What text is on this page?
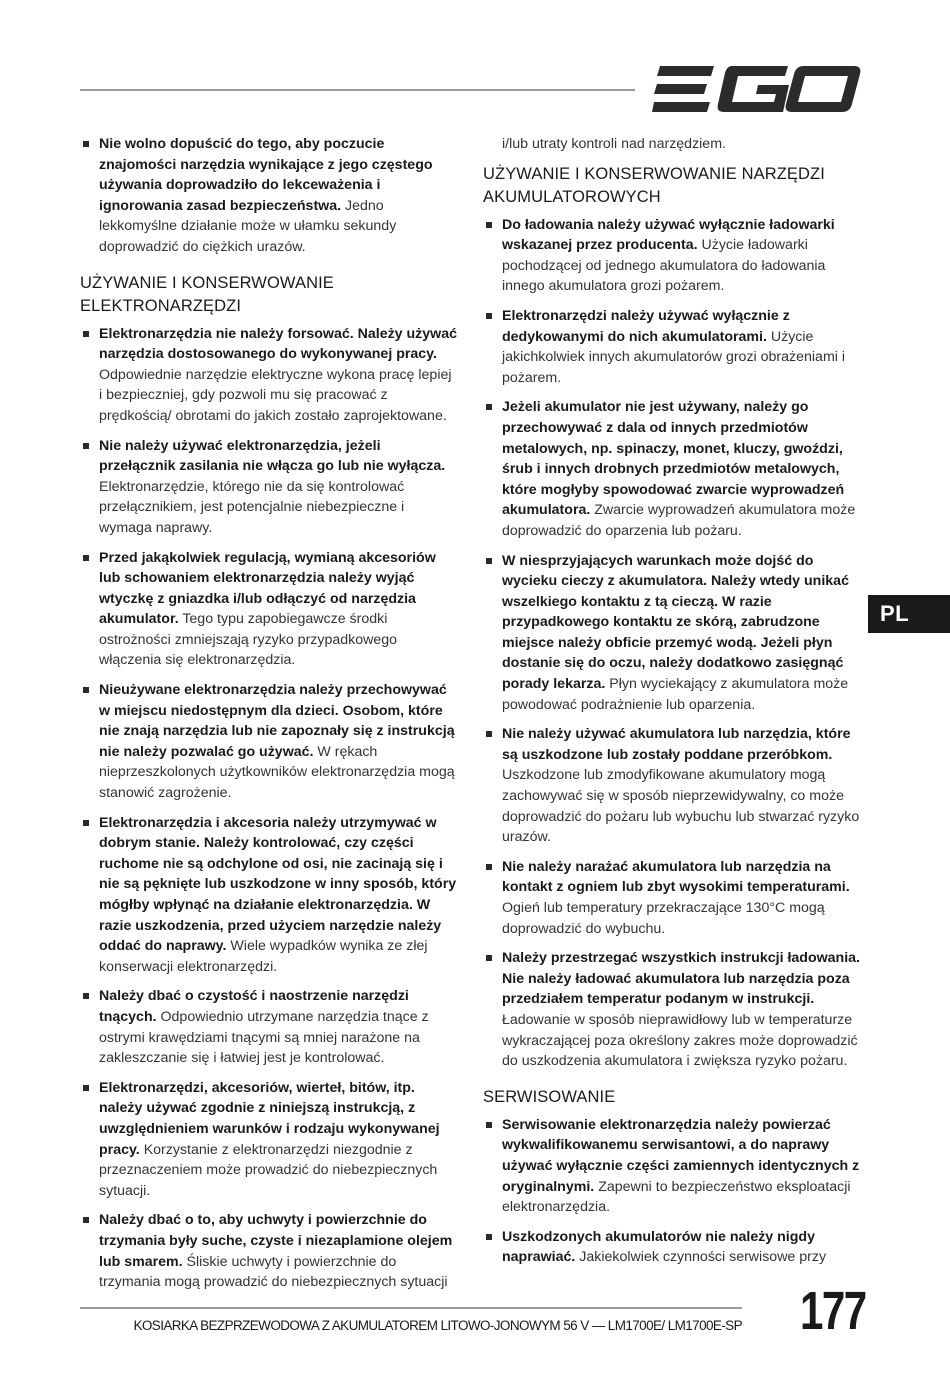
PL
Nie wolno dopuścić do tego, aby poczucie znajomości narzędzia wynikające z jego częstego używania doprowadziło do lekceważenia i ignorowania zasad bezpieczeństwa. Jedno lekkomyślne działanie może w ułamku sekundy doprowadzić do ciężkich urazów.
UŻYWANIE I KONSERWOWANIE ELEKTRONARZĘDZI
Elektronarzędzia nie należy forsować. Należy używać narzędzia dostosowanego do wykonywanej pracy. Odpowiednie narzędzie elektryczne wykona pracę lepiej i bezpieczniej, gdy pozwoli mu się pracować z prędkością/ obrotami do jakich zostało zaprojektowane.
Nie należy używać elektronarzędzia, jeżeli przełącznik zasilania nie włącza go lub nie wyłącza. Elektronarzędzie, którego nie da się kontrolować przełącznikiem, jest potencjalnie niebezpieczne i wymaga naprawy.
Przed jakąkolwiek regulacją, wymianą akcesoriów lub schowaniem elektronarzędzia należy wyjąć wtyczkę z gniazdka i/lub odłączyć od narzędzia akumulator. Tego typu zapobiegawcze środki ostrożności zmniejszają ryzyko przypadkowego włączenia się elektronarzędzia.
Nieużywane elektronarzędzia należy przechowywać w miejscu niedostępnym dla dzieci. Osobom, które nie znają narzędzia lub nie zapoznały się z instrukcją nie należy pozwalać go używać. W rękach nieprzeszkolonych użytkowników elektronarzędzia mogą stanowić zagrożenie.
Elektronarzędzia i akcesoria należy utrzymywać w dobrym stanie. Należy kontrolować, czy części ruchome nie są odchylone od osi, nie zacinają się i nie są pęknięte lub uszkodzone w inny sposób, który mógłby wpłynąć na działanie elektronarzędzia. W razie uszkodzenia, przed użyciem narzędzie należy oddać do naprawy. Wiele wypadków wynika ze złej konserwacji elektronarzędzi.
Należy dbać o czystość i naostrzenie narzędzi tnących. Odpowiednio utrzymane narzędzia tnące z ostrymi krawędziami tnącymi są mniej narażone na zakleszczanie się i łatwiej jest je kontrolować.
Elektronarzędzi, akcesoriów, wierteł, bitów, itp. należy używać zgodnie z niniejszą instrukcją, z uwzględnieniem warunków i rodzaju wykonywanej pracy. Korzystanie z elektronarzędzi niezgodnie z przeznaczeniem może prowadzić do niebezpiecznych sytuacji.
Należy dbać o to, aby uchwyty i powierzchnie do trzymania były suche, czyste i niezaplamione olejem lub smarem. Śliskie uchwyty i powierzchnie do trzymania mogą prowadzić do niebezpiecznych sytuacji
i/lub utraty kontroli nad narzędziem.
UŻYWANIE I KONSERWOWANIE NARZĘDZI AKUMULATOROWYCH
Do ładowania należy używać wyłącznie ładowarki wskazanej przez producenta. Użycie ładowarki pochodzącej od jednego akumulatora do ładowania innego akumulatora grozi pożarem.
Elektronarzędzi należy używać wyłącznie z dedykowanymi do nich akumulatorami. Użycie jakichkolwiek innych akumulatorów grozi obrażeniami i pożarem.
Jeżeli akumulator nie jest używany, należy go przechowywać z dala od innych przedmiotów metalowych, np. spinaczy, monet, kluczy, gwoździ, śrub i innych drobnych przedmiotów metalowych, które mogłyby spowodować zwarcie wyprowadzeń akumulatora. Zwarcie wyprowadzeń akumulatora może doprowadzić do oparzenia lub pożaru.
W niesprzyjających warunkach może dojść do wycieku cieczy z akumulatora. Należy wtedy unikać wszelkiego kontaktu z tą cieczą. W razie przypadkowego kontaktu ze skórą, zabrudzone miejsce należy obficie przemyć wodą. Jeżeli płyn dostanie się do oczu, należy dodatkowo zasięgnąć porady lekarza. Płyn wyciekający z akumulatora może powodować podrażnienie lub oparzenia.
Nie należy używać akumulatora lub narzędzia, które są uszkodzone lub zostały poddane przeróbkom. Uszkodzone lub zmodyfikowane akumulatory mogą zachowywać się w sposób nieprzewidywalny, co może doprowadzić do pożaru lub wybuchu lub stwarzać ryzyko urazów.
Nie należy narażać akumulatora lub narzędzia na kontakt z ogniem lub zbyt wysokimi temperaturami. Ogień lub temperatury przekraczające 130°C mogą doprowadzić do wybuchu.
Należy przestrzegać wszystkich instrukcji ładowania. Nie należy ładować akumulatora lub narzędzia poza przedziałem temperatur podanym w instrukcji. Ładowanie w sposób nieprawidłowy lub w temperaturze wykraczającej poza określony zakres może doprowadzić do uszkodzenia akumulatora i zwiększa ryzyko pożaru.
SERWISOWANIE
Serwisowanie elektronarzędzia należy powierzać wykwalifikowanemu serwisantowi, a do naprawy używać wyłącznie części zamiennych identycznych z oryginalnymi. Zapewni to bezpieczeństwo eksploatacji elektronarzędzia.
Uszkodzonych akumulatorów nie należy nigdy naprawiać. Jakiekolwiek czynności serwisowe przy
KOSIARKA BEZPRZEWODOWA Z AKUMULATOREM LITOWO-JONOWYM 56 V — LM1700E/ LM1700E-SP 177
